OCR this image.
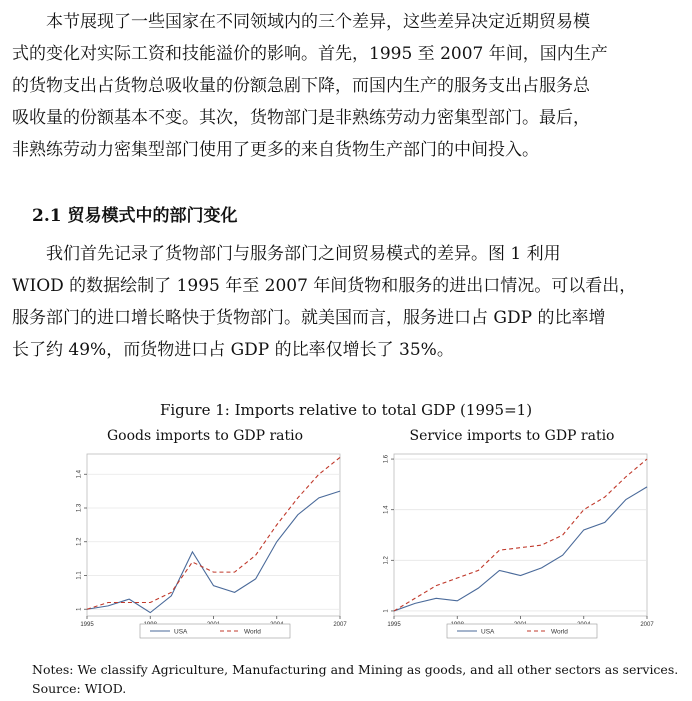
本节展现了一些国家在不同领域内的三个差异，这些差异决定近期贸易模
式的变化对实际工资和技能溢价的影响。首先，1995 至 2007 年间，国内生产
的货物支出占货物总吸收量的份额急剧下降，而国内生产的服务支出占服务总
吸收量的份额基本不变。其次，货物部门是非熟练劳动力密集型部门。最后，
非熟练劳动力密集型部门使用了更多的来自货物生产部门的中间投入。
2.1 贸易模式中的部门变化
我们首先记录了货物部门与服务部门之间贸易模式的差异。图 1 利用
WIOD 的数据绘制了 1995 年至 2007 年间货物和服务的进出口情况。可以看出，
服务部门的进口增长略快于货物部门。就美国而言，服务进口占 GDP 的比率增
长了约 49%，而货物进口占 GDP 的比率仅增长了 35%。
Figure 1: Imports relative to total GDP (1995=1)
Goods imports to GDP ratio
1
1.1
1.2
1.3
1.4
1995	2007
USA	World
Service imports to GDP ratio
1
1.2
1.4
1.6
1995	2007
USA	World
Notes: We classify Agriculture, Manufacturing and Mining as goods, and all other sectors as services.
Source: WIOD.
